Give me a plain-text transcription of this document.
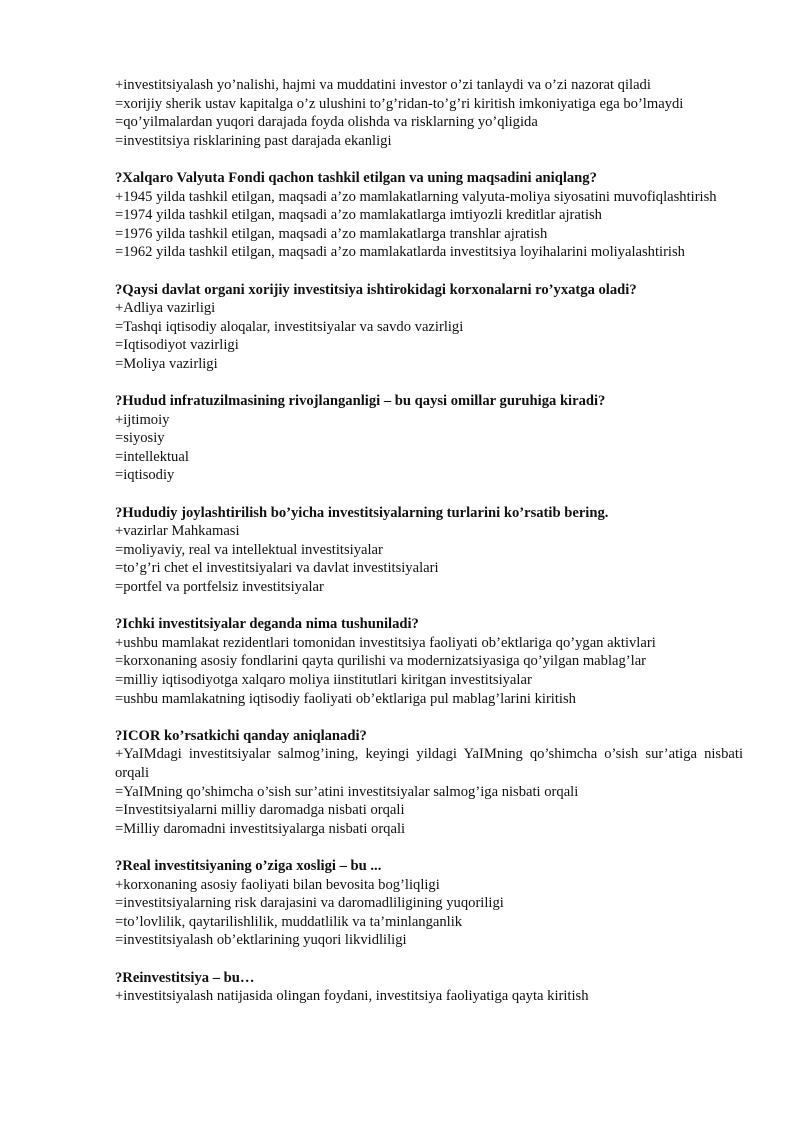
+investitsiyalash yo’nalishi, hajmi va muddatini investor o’zi tanlaydi va o’zi nazorat qiladi

=xorijiy sherik ustav kapitalga o’z ulushini to’g’ridan-to’g’ri kiritish imkoniyatiga ega bo’lmaydi

=qo’yilmalardan yuqori darajada foyda olishda va risklarning yo’qligida

=investitsiya risklarining past darajada ekanligi

?Xalqaro Valyuta Fondi qachon tashkil etilgan va uning maqsadini aniqlang?

+1945 yilda tashkil etilgan, maqsadi a’zo mamlakatlarning valyuta-moliya siyosatini muvofiqlashtirish

=1974 yilda tashkil etilgan, maqsadi a’zo mamlakatlarga imtiyozli kreditlar ajratish

=1976 yilda tashkil etilgan, maqsadi a’zo mamlakatlarga transhlar ajratish

=1962 yilda tashkil etilgan, maqsadi a’zo mamlakatlarda investitsiya loyihalarini moliyalashtirish

?Qaysi davlat organi xorijiy investitsiya ishtirokidagi korxonalarni ro’yxatga oladi?

+Adliya vazirligi

=Tashqi iqtisodiy aloqalar, investitsiyalar va savdo vazirligi

=Iqtisodiyot vazirligi

=Moliya vazirligi

?Hudud infratuzilmasining rivojlanganligi – bu qaysi omillar guruhiga kiradi?

+ijtimoiy

=siyosiy

=intellektual

=iqtisodiy

?Hududiy joylashtirilish bo’yicha investitsiyalarning turlarini ko’rsatib bering.

+vazirlar Mahkamasi

=moliyaviy, real va intellektual investitsiyalar

=to’g’ri chet el investitsiyalari va davlat investitsiyalari

=portfel va portfelsiz investitsiyalar

?Ichki investitsiyalar deganda nima tushuniladi?

+ushbu mamlakat rezidentlari tomonidan investitsiya faoliyati ob’ektlariga qo’ygan aktivlari

=korxonaning asosiy fondlarini qayta qurilishi va modernizatsiyasiga qo’yilgan mablag’lar

=milliy iqtisodiyotga xalqaro moliya iinstitutlari kiritgan investitsiyalar

=ushbu mamlakatning iqtisodiy faoliyati ob’ektlariga pul mablag’larini kiritish

?ICOR ko’rsatkichi qanday aniqlanadi?

+YaIMdagi investitsiyalar salmog’ining, keyingi yildagi YaIMning qo’shimcha o’sish sur’atiga nisbati orqali

=YaIMning qo’shimcha o’sish sur’atini investitsiyalar salmog’iga nisbati orqali

=Investitsiyalarni milliy daromadga nisbati orqali

=Milliy daromadni investitsiyalarga nisbati orqali

?Real investitsiyaning o’ziga xosligi – bu ...

+korxonaning asosiy faoliyati bilan bevosita bog’liqligi

=investitsiyalarning risk darajasini va daromadliligining yuqoriligi

=to’lovlilik, qaytarilishlilik, muddatlilik va ta’minlanganlik

=investitsiyalash ob’ektlarining yuqori likvidliligi

?Reinvestitsiya – bu…

+investitsiyalash natijasida olingan foydani, investitsiya faoliyatiga qayta kiritish
